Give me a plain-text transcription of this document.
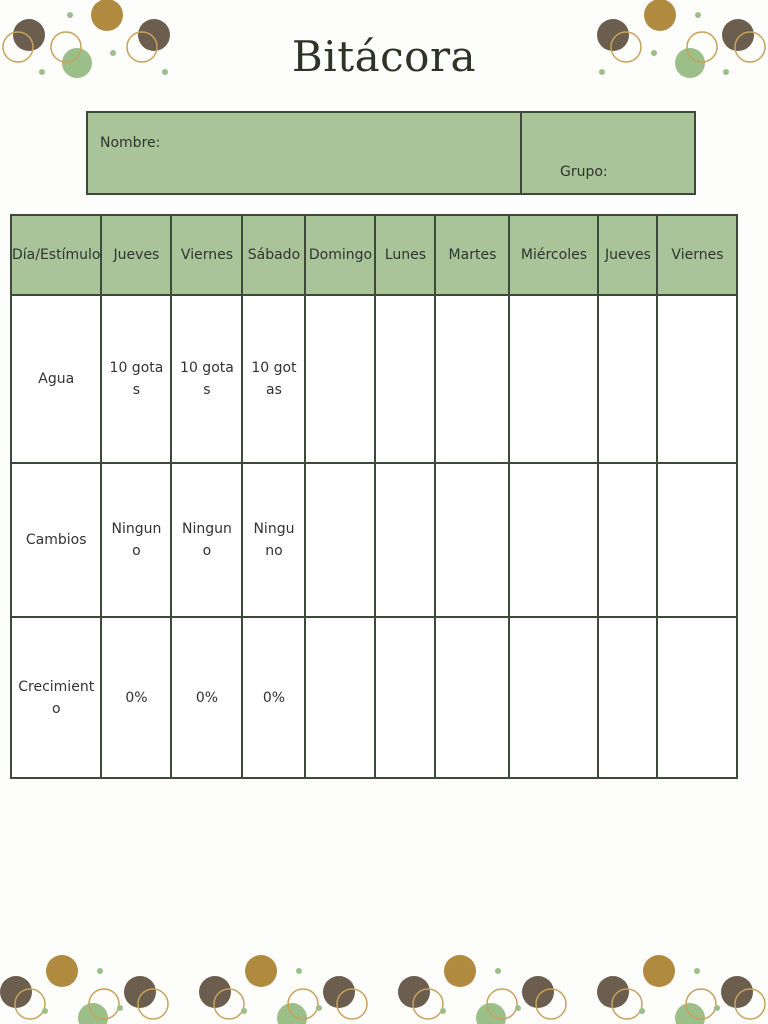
Bitácora
Nombre:
Grupo:
Día/Estímulo	Jueves	Viernes	Sábado	Domingo	Lunes	Martes	Miércoles	Jueves	Viernes
Agua	10 gotas	10 gotas	10 gotas						
Cambios	Ninguno	Ninguno	Ninguno						
Crecimiento	0%	0%	0%						
